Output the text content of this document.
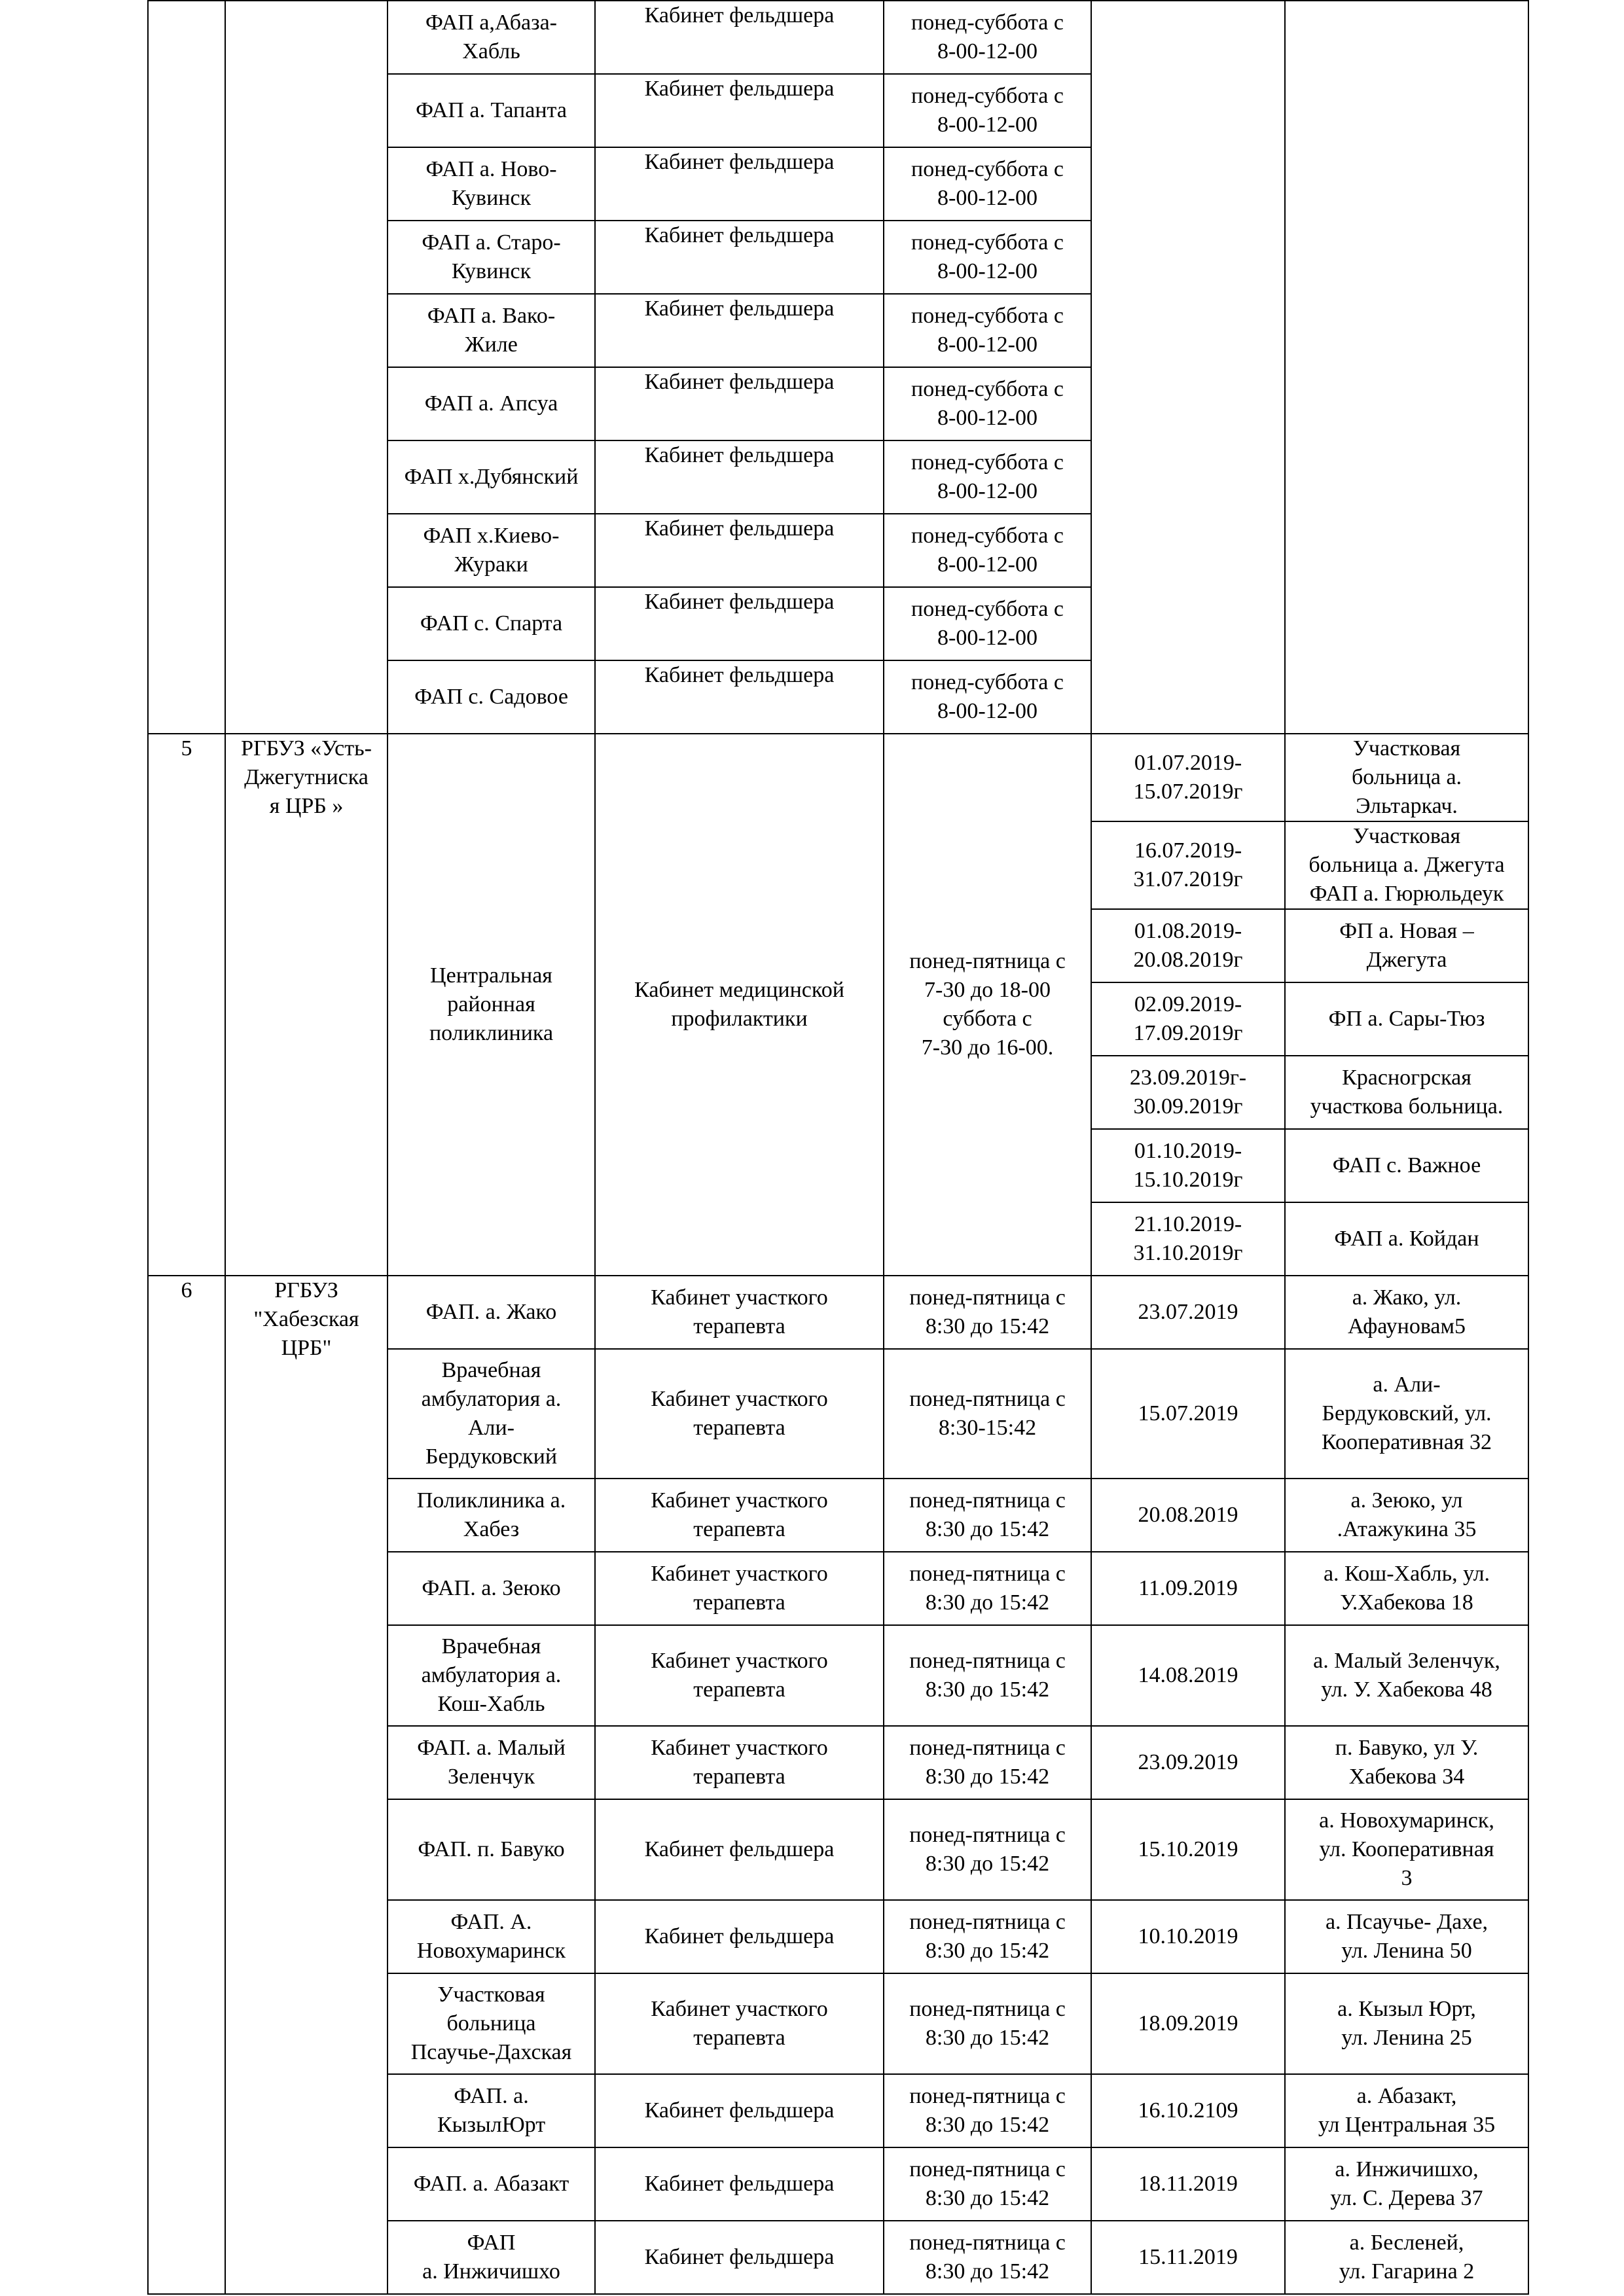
		ФАП а,Абаза-
Хабль	Кабинет фельдшера	понед-суббота с
8-00-12-00		
		ФАП а. Тапанта	Кабинет фельдшера	понед-суббота с
8-00-12-00		
		ФАП а. Ново-
Кувинск	Кабинет фельдшера	понед-суббота с
8-00-12-00		
		ФАП а. Старо-
Кувинск	Кабинет фельдшера	понед-суббота с
8-00-12-00		
		ФАП а. Вако-
Жиле	Кабинет фельдшера	понед-суббота с
8-00-12-00		
		ФАП а. Апсуа	Кабинет фельдшера	понед-суббота с
8-00-12-00		
		ФАП х.Дубянский	Кабинет фельдшера	понед-суббота с
8-00-12-00		
		ФАП х.Киево-
Жураки	Кабинет фельдшера	понед-суббота с
8-00-12-00		
		ФАП с. Спарта	Кабинет фельдшера	понед-суббота с
8-00-12-00		
		ФАП с. Садовое	Кабинет фельдшера	понед-суббота с
8-00-12-00		
5	РГБУЗ «Усть-
Джегутниска
я ЦРБ »	Центральная
районная
поликлиника	Кабинет медицинской
профилактики	понед-пятница с
7-30 до 18-00
суббота с
7-30 до 16-00.	01.07.2019-
15.07.2019г	Участковая
больница а.
Эльтаркач.
					16.07.2019-
31.07.2019г	Участковая
больница а. Джегута
ФАП а. Гюрюльдеук
					01.08.2019-
20.08.2019г	ФП а. Новая –
Джегута
					02.09.2019-
17.09.2019г	ФП а. Сары-Тюз
					23.09.2019г-
30.09.2019г	Красногрская
участкова больница.
					01.10.2019-
15.10.2019г	ФАП с. Важное
					21.10.2019-
31.10.2019г	ФАП а. Койдан
6	РГБУЗ
"Хабезская
ЦРБ"	ФАП. а. Жако	Кабинет участкого
терапевта	понед-пятница с
8:30 до 15:42	23.07.2019	а. Жако, ул.
Афауновам5
		Врачебная
амбулатория а.
Али-
Бердуковский	Кабинет участкого
терапевта	понед-пятница с
8:30-15:42	15.07.2019	а. Али-
Бердуковский, ул.
Кооперативная 32
		Поликлиника а.
Хабез	Кабинет участкого
терапевта	понед-пятница с
8:30 до 15:42	20.08.2019	а. Зеюко, ул
.Атажукина 35
		ФАП. а. Зеюко	Кабинет участкого
терапевта	понед-пятница с
8:30 до 15:42	11.09.2019	а. Кош-Хабль, ул.
У.Хабекова 18
		Врачебная
амбулатория а.
Кош-Хабль	Кабинет участкого
терапевта	понед-пятница с
8:30 до 15:42	14.08.2019	а. Малый Зеленчук,
ул. У. Хабекова 48
		ФАП. а. Малый
Зеленчук	Кабинет участкого
терапевта	понед-пятница с
8:30 до 15:42	23.09.2019	п. Бавуко, ул У.
Хабекова 34
		ФАП. п. Бавуко	Кабинет фельдшера	понед-пятница с
8:30 до 15:42	15.10.2019	а. Новохумаринск,
ул. Кооперативная
3
		ФАП. А.
Новохумаринск	Кабинет фельдшера	понед-пятница с
8:30 до 15:42	10.10.2019	а. Псаучье- Дахе,
ул. Ленина 50
		Участковая
больница
Псаучье-Дахская	Кабинет участкого
терапевта	понед-пятница с
8:30 до 15:42	18.09.2019	а. Кызыл Юрт,
ул. Ленина 25
		ФАП. а.
КызылЮрт	Кабинет фельдшера	понед-пятница с
8:30 до 15:42	16.10.2109	а. Абазакт,
ул Центральная 35
		ФАП. а. Абазакт	Кабинет фельдшера	понед-пятница с
8:30 до 15:42	18.11.2019	а. Инжичишхо,
ул. С. Дерева 37
		ФАП
а. Инжичишхо	Кабинет фельдшера	понед-пятница с
8:30 до 15:42	15.11.2019	а. Бесленей,
ул. Гагарина 2
